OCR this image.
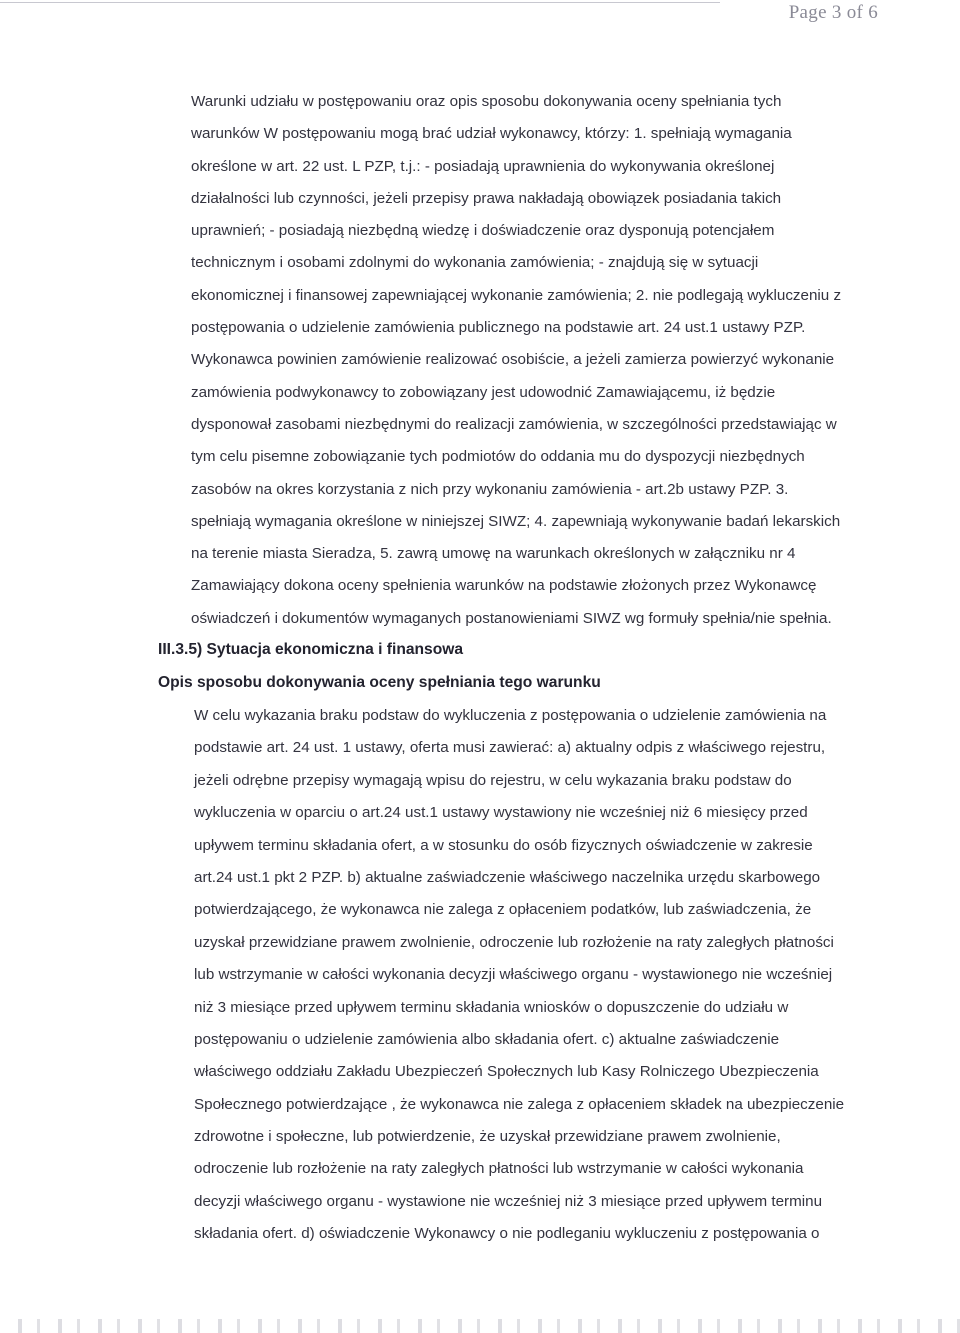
Page 3 of 6
Warunki udziału w postępowaniu oraz opis sposobu dokonywania oceny spełniania tych
warunków W postępowaniu mogą brać udział wykonawcy, którzy: 1. spełniają wymagania
określone w art. 22 ust. L PZP, t.j.: - posiadają uprawnienia do wykonywania określonej
działalności lub czynności, jeżeli przepisy prawa nakładają obowiązek posiadania takich
uprawnień; - posiadają niezbędną wiedzę i doświadczenie oraz dysponują potencjałem
technicznym i osobami zdolnymi do wykonania zamówienia; - znajdują się w sytuacji
ekonomicznej i finansowej zapewniającej wykonanie zamówienia; 2. nie podlegają wykluczeniu z
postępowania o udzielenie zamówienia publicznego na podstawie art. 24 ust.1 ustawy PZP.
Wykonawca powinien zamówienie realizować osobiście, a jeżeli zamierza powierzyć wykonanie
zamówienia podwykonawcy to zobowiązany jest udowodnić Zamawiającemu, iż będzie
dysponował zasobami niezbędnymi do realizacji zamówienia, w szczególności przedstawiając w
tym celu pisemne zobowiązanie tych podmiotów do oddania mu do dyspozycji niezbędnych
zasobów na okres korzystania z nich przy wykonaniu zamówienia - art.2b ustawy PZP. 3.
spełniają wymagania określone w niniejszej SIWZ; 4. zapewniają wykonywanie badań lekarskich
na terenie miasta Sieradza, 5. zawrą umowę na warunkach określonych w załączniku nr 4
Zamawiający dokona oceny spełnienia warunków na podstawie złożonych przez Wykonawcę
oświadczeń i dokumentów wymaganych postanowieniami SIWZ wg formuły spełnia/nie spełnia.
III.3.5) Sytuacja ekonomiczna i finansowa
Opis sposobu dokonywania oceny spełniania tego warunku
W celu wykazania braku podstaw do wykluczenia z postępowania o udzielenie zamówienia na
podstawie art. 24 ust. 1 ustawy, oferta musi zawierać: a) aktualny odpis z właściwego rejestru,
jeżeli odrębne przepisy wymagają wpisu do rejestru, w celu wykazania braku podstaw do
wykluczenia w oparciu o art.24 ust.1 ustawy wystawiony nie wcześniej niż 6 miesięcy przed
upływem terminu składania ofert, a w stosunku do osób fizycznych oświadczenie w zakresie
art.24 ust.1 pkt 2 PZP. b) aktualne zaświadczenie właściwego naczelnika urzędu skarbowego
potwierdzającego, że wykonawca nie zalega z opłaceniem podatków, lub zaświadczenia, że
uzyskał przewidziane prawem zwolnienie, odroczenie lub rozłożenie na raty zaległych płatności
lub wstrzymanie w całości wykonania decyzji właściwego organu - wystawionego nie wcześniej
niż 3 miesiące przed upływem terminu składania wniosków o dopuszczenie do udziału w
postępowaniu o udzielenie zamówienia albo składania ofert. c) aktualne zaświadczenie
właściwego oddziału Zakładu Ubezpieczeń Społecznych lub Kasy Rolniczego Ubezpieczenia
Społecznego potwierdzające , że wykonawca nie zalega z opłaceniem składek na ubezpieczenie
zdrowotne i społeczne, lub potwierdzenie, że uzyskał przewidziane prawem zwolnienie,
odroczenie lub rozłożenie na raty zaległych płatności lub wstrzymanie w całości wykonania
decyzji właściwego organu - wystawione nie wcześniej niż 3 miesiące przed upływem terminu
składania ofert. d) oświadczenie Wykonawcy o nie podleganiu wykluczeniu z postępowania o
